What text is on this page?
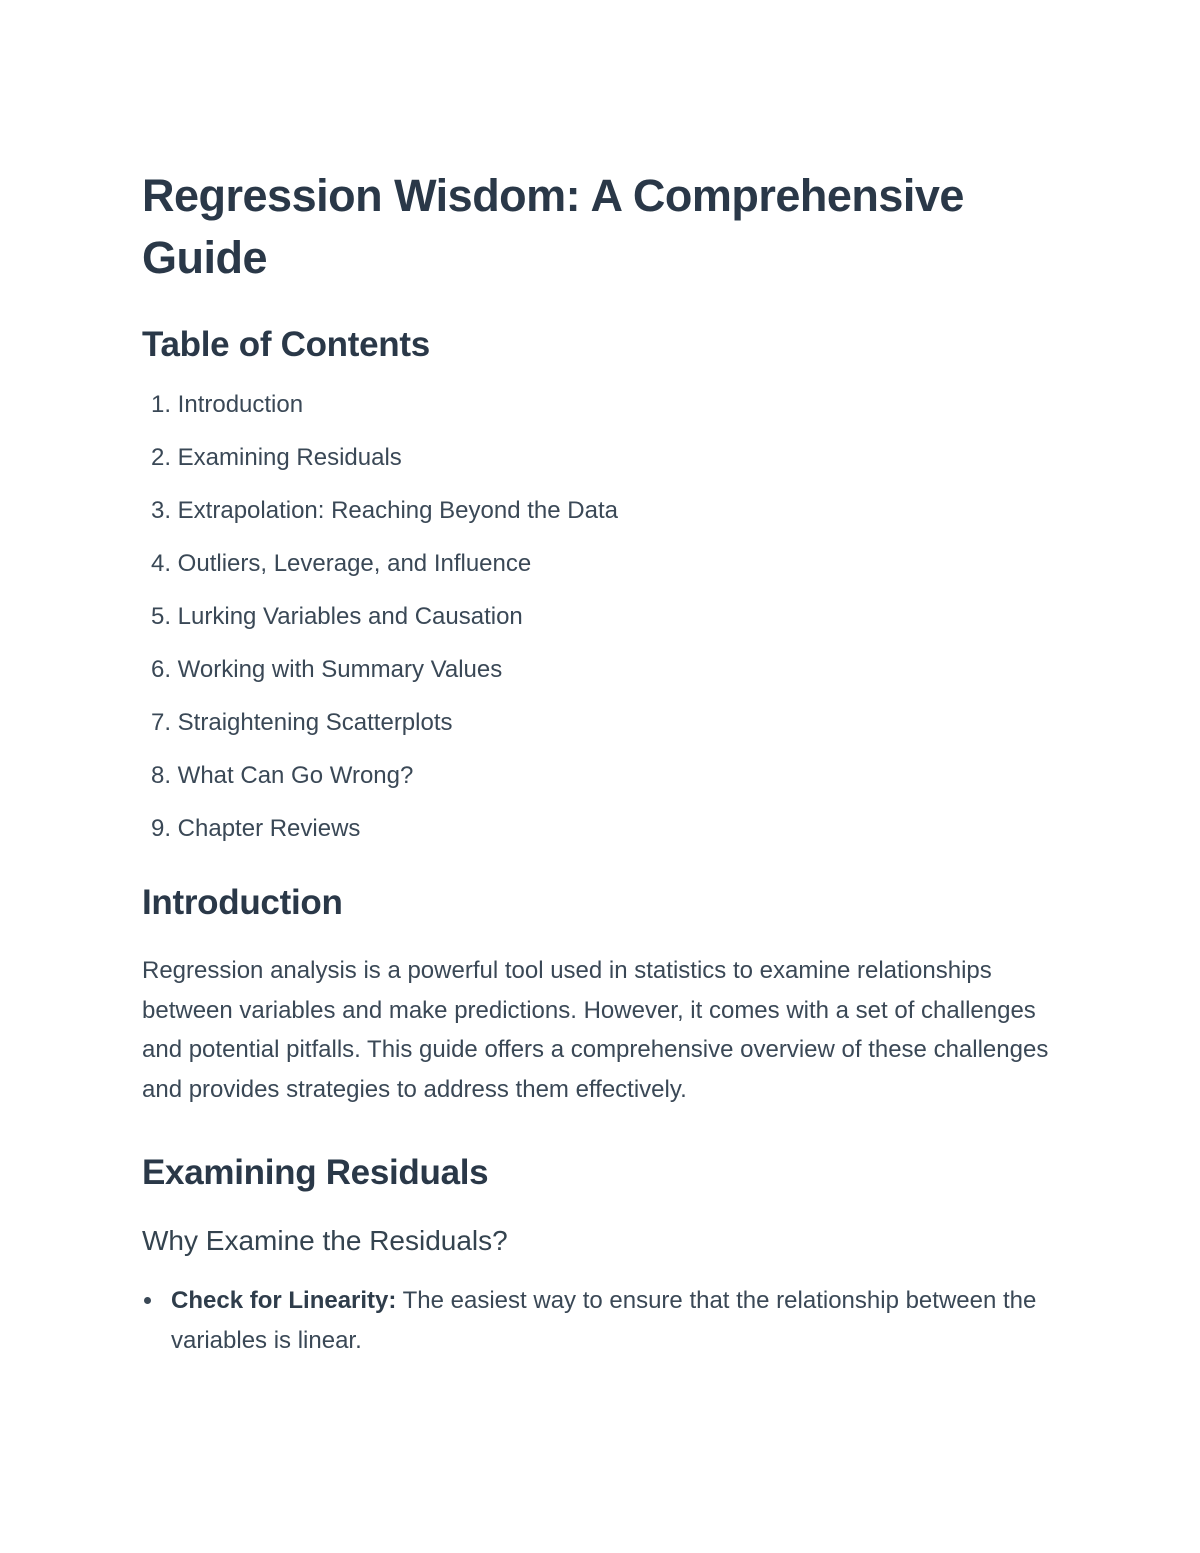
Regression Wisdom: A Comprehensive Guide
Table of Contents
1. Introduction
2. Examining Residuals
3. Extrapolation: Reaching Beyond the Data
4. Outliers, Leverage, and Influence
5. Lurking Variables and Causation
6. Working with Summary Values
7. Straightening Scatterplots
8. What Can Go Wrong?
9. Chapter Reviews
Introduction

Regression analysis is a powerful tool used in statistics to examine relationships between variables and make predictions. However, it comes with a set of challenges and potential pitfalls. This guide offers a comprehensive overview of these challenges and provides strategies to address them effectively.

Examining Residuals
Why Examine the Residuals?
Check for Linearity: The easiest way to ensure that the relationship between the variables is linear.
